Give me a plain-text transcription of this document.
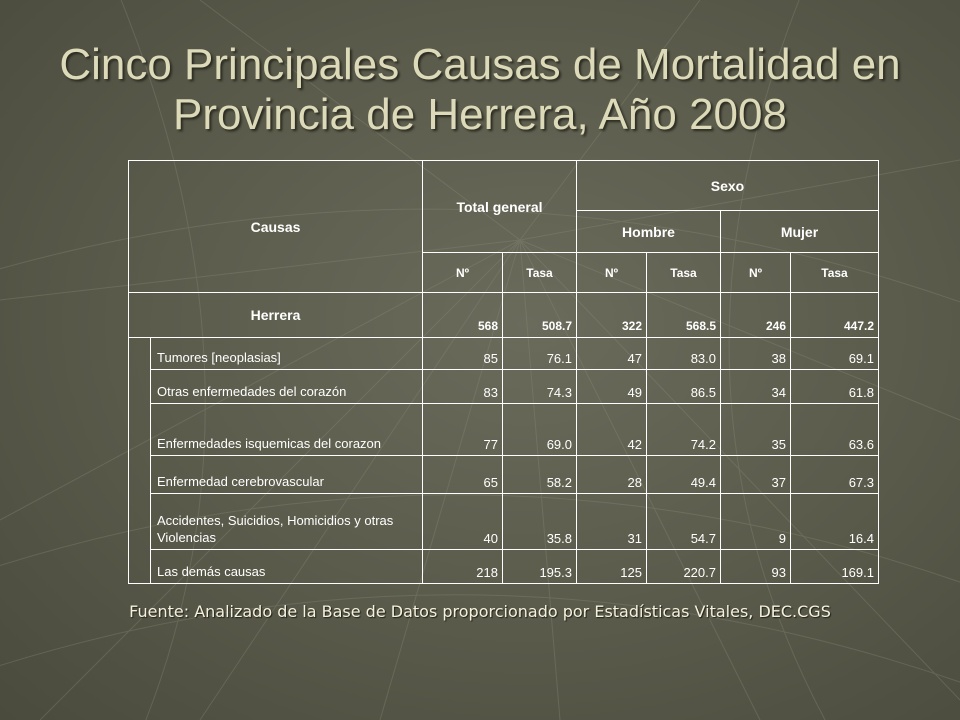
Cinco Principales Causas de Mortalidad en
Provincia de Herrera, Año 2008
Causas		Total general		Sexo			
				Hombre		Mujer	
		Nº	Tasa	Nº	Tasa	Nº	Tasa
Herrera		568	508.7	322	568.5	246	447.2
	Tumores [neoplasias]	85	76.1	47	83.0	38	69.1
	Otras enfermedades del corazón	83	74.3	49	86.5	34	61.8
	Enfermedades isquemicas del corazon	77	69.0	42	74.2	35	63.6
	Enfermedad cerebrovascular	65	58.2	28	49.4	37	67.3
	Accidentes, Suicidios, Homicidios y otras Violencias	40	35.8	31	54.7	9	16.4
	Las demás causas	218	195.3	125	220.7	93	169.1
Fuente: Analizado de la Base de Datos proporcionado por Estadísticas Vitales, DEC.CGS
